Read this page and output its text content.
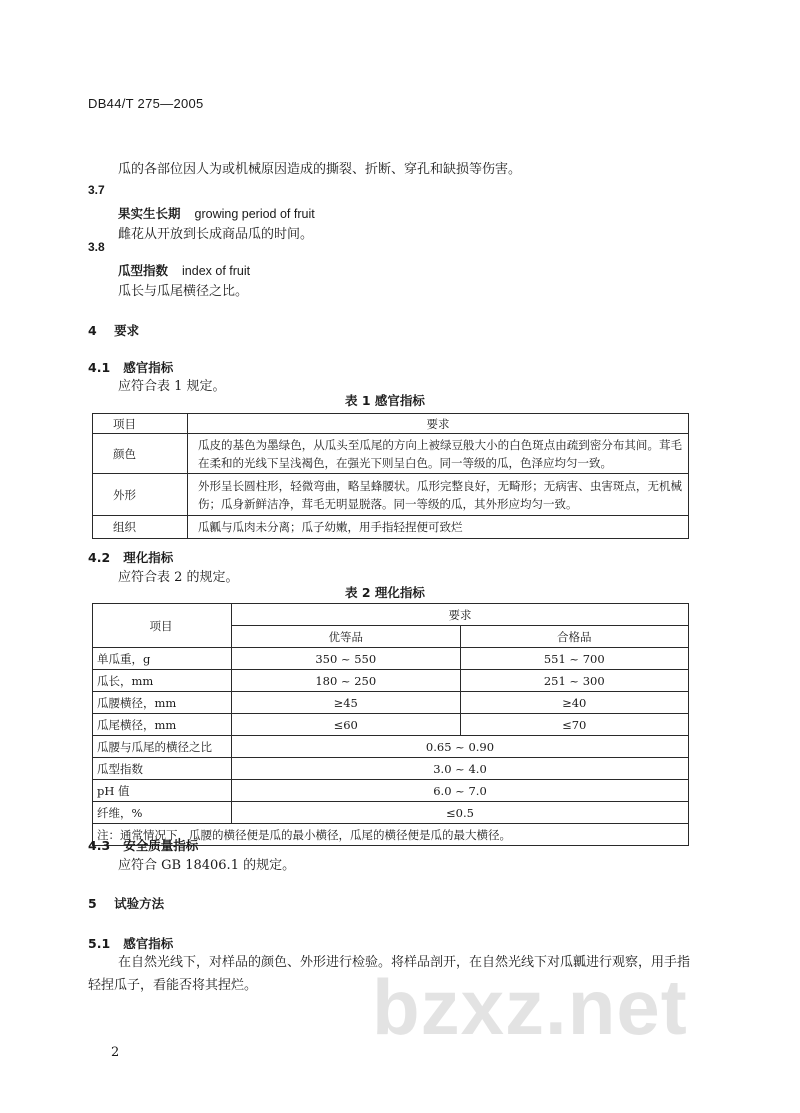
DB44/T 275—2005
瓜的各部位因人为或机械原因造成的撕裂、折断、穿孔和缺损等伤害。
3.7
果实生长期 growing period of fruit
雌花从开放到长成商品瓜的时间。
3.8
瓜型指数 index of fruit
瓜长与瓜尾横径之比。
4 要求
4.1 感官指标
应符合表 1 规定。
表 1 感官指标
项目	要求
颜色	瓜皮的基色为墨绿色，从瓜头至瓜尾的方向上被绿豆般大小的白色斑点由疏到密分布其间。茸毛在柔和的光线下呈浅褐色，在强光下则呈白色。同一等级的瓜，色泽应均匀一致。
外形	外形呈长圆柱形，轻微弯曲，略呈蜂腰状。瓜形完整良好，无畸形；无病害、虫害斑点，无机械伤；瓜身新鲜洁净，茸毛无明显脱落。同一等级的瓜，其外形应均匀一致。
组织	瓜瓤与瓜肉未分离；瓜子幼嫩，用手指轻捏便可致烂
4.2 理化指标
应符合表 2 的规定。
表 2 理化指标
项目	要求	
	优等品	合格品
单瓜重，g	350 ~ 550	551 ~ 700
瓜长，mm	180 ~ 250	251 ~ 300
瓜腰横径，mm	≥45	≥40
瓜尾横径，mm	≤60	≤70
瓜腰与瓜尾的横径之比	0.65 ~ 0.90	
瓜型指数	3.0 ~ 4.0	
pH 值	6.0 ~ 7.0	
纤维，%	≤0.5	
注：通常情况下，瓜腰的横径便是瓜的最小横径，瓜尾的横径便是瓜的最大横径。		
4.3 安全质量指标
应符合 GB 18406.1 的规定。
5 试验方法
5.1 感官指标
bzxz.net
在自然光线下，对样品的颜色、外形进行检验。将样品剖开，在自然光线下对瓜瓤进行观察，用手指
轻捏瓜子，看能否将其捏烂。
2
